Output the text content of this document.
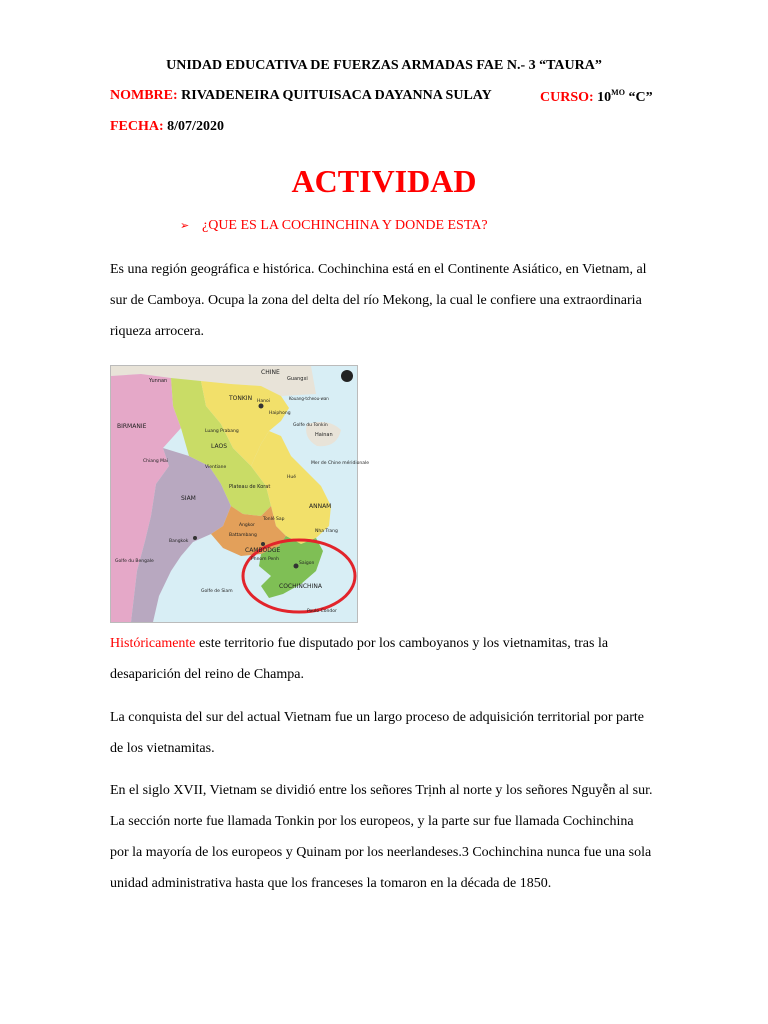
UNIDAD EDUCATIVA DE FUERZAS ARMADAS FAE N.- 3 “TAURA”
NOMBRE: RIVADENEIRA QUITUISACA DAYANNA SULAY	CURSO: $10^{MO}$ “C”
FECHA: 8/07/2020
ACTIVIDAD
➢ ¿QUE ES LA COCHINCHINA Y DONDE ESTA?
Es una región geográfica e histórica. Cochinchina está en el Continente Asiático, en Vietnam, al sur de Camboya. Ocupa la zona del delta del río Mekong, la cual le confiere una extraordinaria riqueza arrocera.
CHINE
Yunnan	Guangxi
TONKIN Hanoi
Haiphong
Kouang-tcheou-wan
Golfe du Tonkin
Hainan
BIRMANIE
LAOS
Luang Prabang
Chiang Mai
Vientiane
Mer de Chine méridionale
Plateau de Korat
SIAM
ANNAM
Hué
Bangkok
Angkor
Tonlé Sap
Battambang
Nha Trang
CAMBODGE
Phnom Penh
Saigon
COCHINCHINA
Golfe du Bengale
Golfe de Siam
Poulo Condor
Históricamente este territorio fue disputado por los camboyanos y los vietnamitas, tras la desaparición del reino de Champa.
La conquista del sur del actual Vietnam fue un largo proceso de adquisición territorial por parte de los vietnamitas.
En el siglo XVII, Vietnam se dividió entre los señores Trịnh al norte y los señores Nguyễn al sur. La sección norte fue llamada Tonkin por los europeos, y la parte sur fue llamada Cochinchina por la mayoría de los europeos y Quinam por los neerlandeses.3 Cochinchina nunca fue una sola unidad administrativa hasta que los franceses la tomaron en la década de 1850.
